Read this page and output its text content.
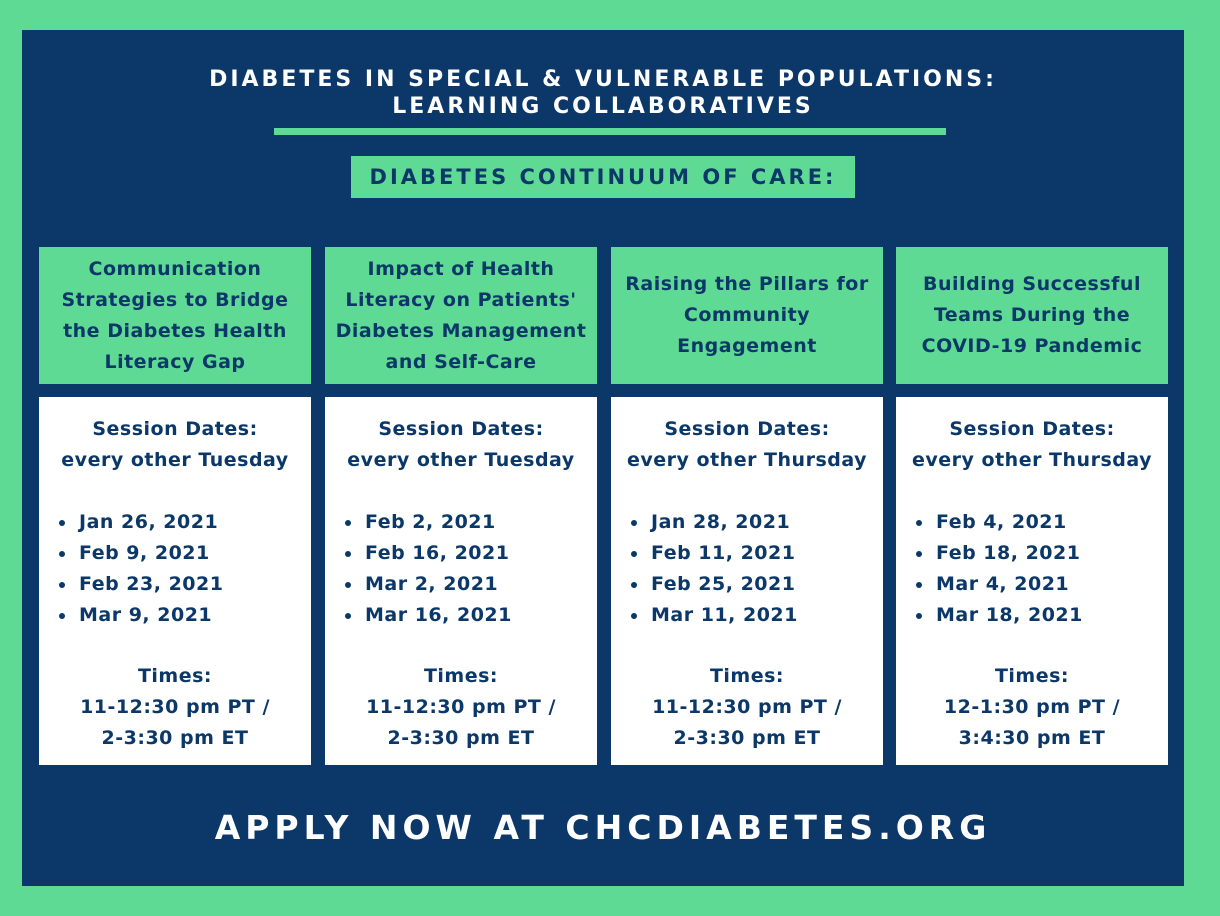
DIABETES IN SPECIAL & VULNERABLE POPULATIONS:
LEARNING COLLABORATIVES
DIABETES CONTINUUM OF CARE:
Communication
Strategies to Bridge
the Diabetes Health
Literacy Gap
Session Dates:
every other Tuesday
Jan 26, 2021
Feb 9, 2021
Feb 23, 2021
Mar 9, 2021
Times:
11-12:30 pm PT /
2-3:30 pm ET
Impact of Health
Literacy on Patients'
Diabetes Management
and Self-Care
Session Dates:
every other Tuesday
Feb 2, 2021
Feb 16, 2021
Mar 2, 2021
Mar 16, 2021
Times:
11-12:30 pm PT /
2-3:30 pm ET
Raising the Pillars for
Community
Engagement
Session Dates:
every other Thursday
Jan 28, 2021
Feb 11, 2021
Feb 25, 2021
Mar 11, 2021
Times:
11-12:30 pm PT /
2-3:30 pm ET
Building Successful
Teams During the
COVID-19 Pandemic
Session Dates:
every other Thursday
Feb 4, 2021
Feb 18, 2021
Mar 4, 2021
Mar 18, 2021
Times:
12-1:30 pm PT /
3:4:30 pm ET
APPLY NOW AT CHCDIABETES.ORG
